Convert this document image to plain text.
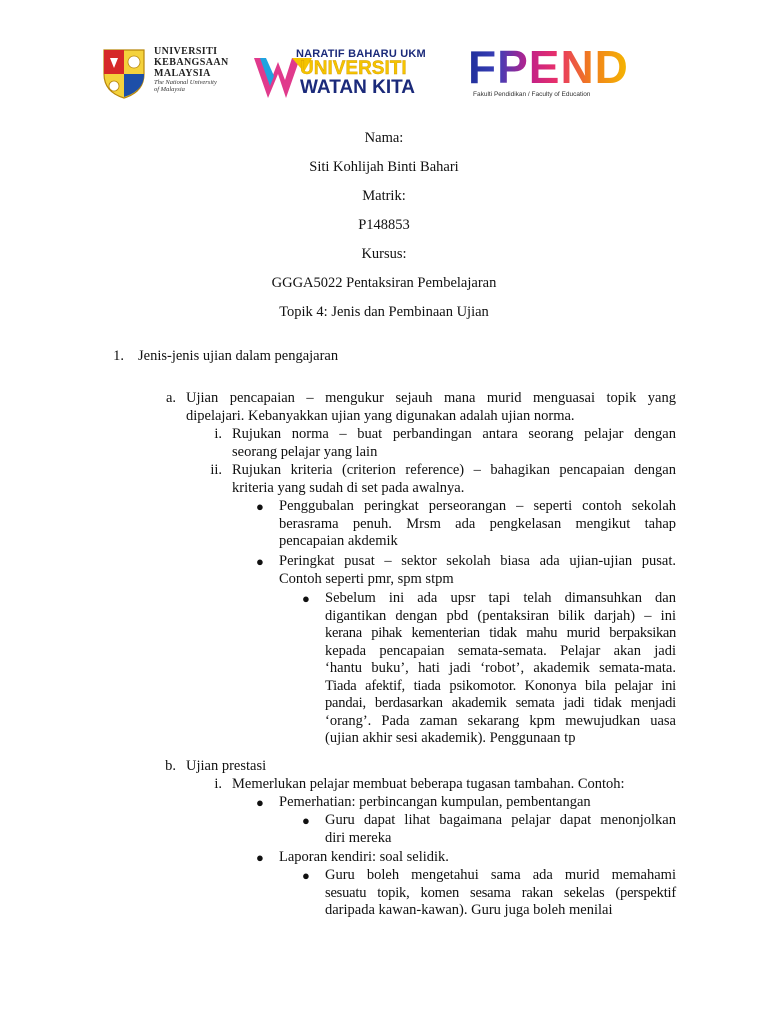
UNIVERSITI
KEBANGSAAN
MALAYSIA
The National University
of Malaysia
NARATIF BAHARU UKM
UNIVERSITI
WATAN KITA FPEND
Fakulti Pendidikan / Faculty of Education
Nama:
Siti Kohlijah Binti Bahari
Matrik:
P148853
Kursus:
GGGA5022 Pentaksiran Pembelajaran
Topik 4: Jenis dan Pembinaan Ujian
1. Jenis-jenis ujian dalam pengajaran
a. Ujian pencapaian – mengukur sejauh mana murid menguasai topik yang
dipelajari. Kebanyakkan ujian yang digunakan adalah ujian norma.
i. Rujukan norma – buat perbandingan antara seorang pelajar dengan
seorang pelajar yang lain
ii. Rujukan kriteria (criterion reference) – bahagikan pencapaian dengan
kriteria yang sudah di set pada awalnya.
● Penggubalan peringkat perseorangan – seperti contoh sekolah
berasrama penuh. Mrsm ada pengkelasan mengikut tahap
pencapaian akdemik
● Peringkat pusat – sektor sekolah biasa ada ujian-ujian pusat.
Contoh seperti pmr, spm stpm
● Sebelum ini ada upsr tapi telah dimansuhkan dan
digantikan dengan pbd (pentaksiran bilik darjah) – ini
kerana pihak kementerian tidak mahu murid berpaksikan
kepada pencapaian semata-semata. Pelajar akan jadi
‘hantu buku’, hati jadi ‘robot’, akademik semata-mata.
Tiada afektif, tiada psikomotor. Kononya bila pelajar ini
pandai, berdasarkan akademik semata jadi tidak menjadi
‘orang’. Pada zaman sekarang kpm mewujudkan uasa
(ujian akhir sesi akademik). Penggunaan tp
b. Ujian prestasi
i. Memerlukan pelajar membuat beberapa tugasan tambahan. Contoh:
● Pemerhatian: perbincangan kumpulan, pembentangan
● Guru dapat lihat bagaimana pelajar dapat menonjolkan
diri mereka
● Laporan kendiri: soal selidik.
● Guru boleh mengetahui sama ada murid memahami
sesuatu topik, komen sesama rakan sekelas (perspektif
daripada kawan-kawan). Guru juga boleh menilai
